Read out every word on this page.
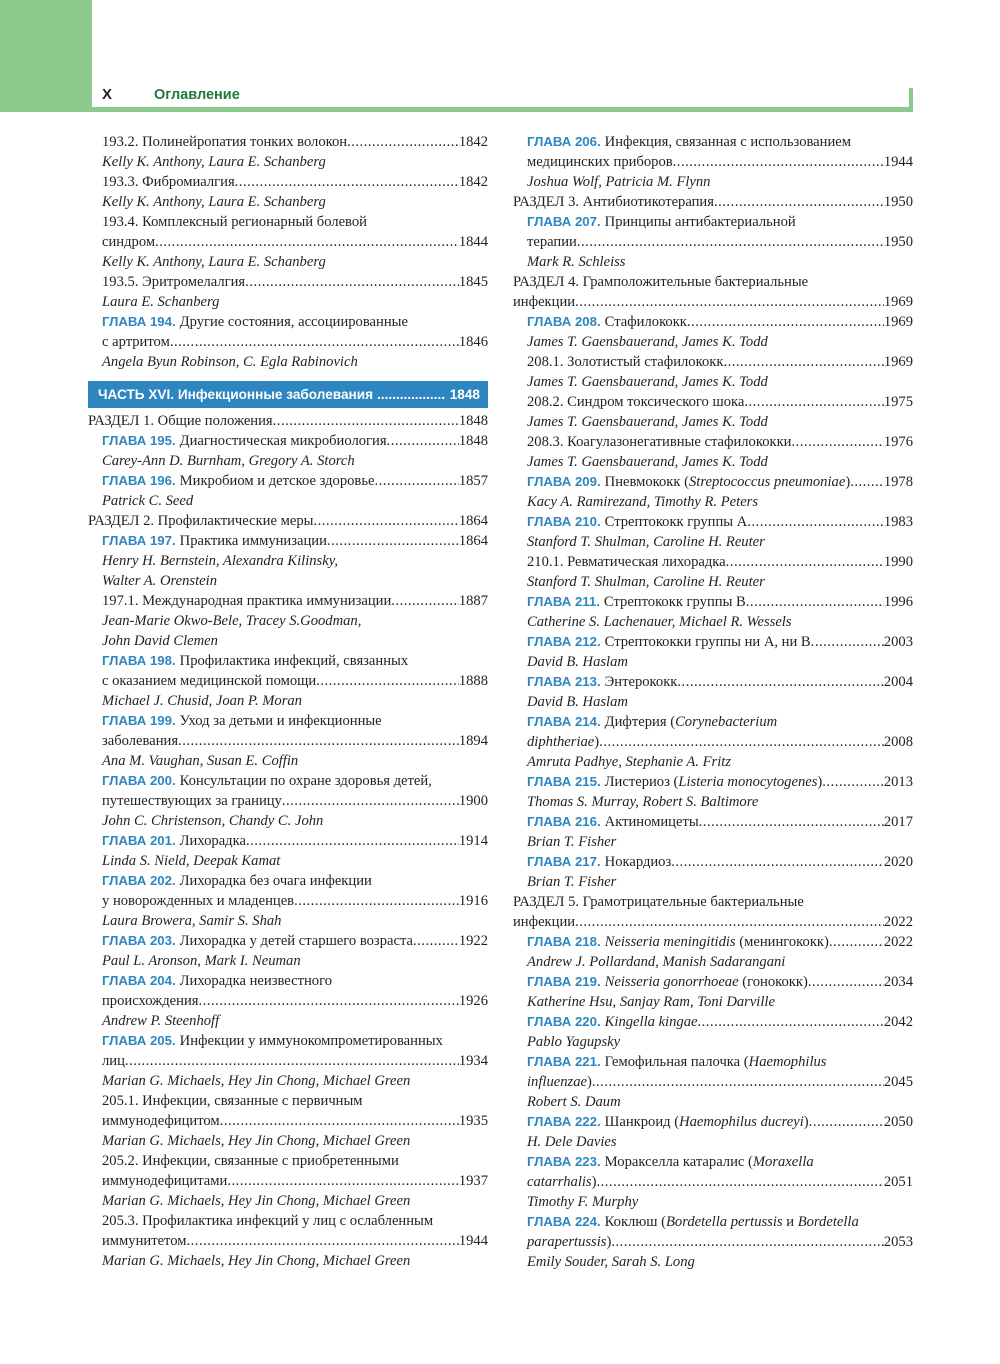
X	Оглавление
193.2. Полинейропатия тонких волокон .....	1842
Kelly K. Anthony, Laura E. Schanberg
193.3. Фибромиалгия .....	1842
Kelly K. Anthony, Laura E. Schanberg
193.4. Комплексный регионарный болевой
синдром .....	1844
Kelly K. Anthony, Laura E. Schanberg
193.5. Эритромелалгия .....	1845
Laura E. Schanberg
ГЛАВА 194. Другие состояния, ассоциированные
с артритом .....	1846
Angela Byun Robinson, C. Egla Rabinovich
ЧАСТЬ XVI. Инфекционные заболевания .....	1848
РАЗДЕЛ 1. Общие положения .....	1848
ГЛАВА 195. Диагностическая микробиология .....	1848
Carey-Ann D. Burnham, Gregory A. Storch
ГЛАВА 196. Микробиом и детское здоровье .....	1857
Patrick C. Seed
РАЗДЕЛ 2. Профилактические меры .....	1864
ГЛАВА 197. Практика иммунизации .....	1864
Henry H. Bernstein, Alexandra Kilinsky,
Walter A. Orenstein
197.1. Международная практика иммунизации .....	1887
Jean-Marie Okwo-Bele, Tracey S.Goodman,
John David Clemen
ГЛАВА 198. Профилактика инфекций, связанных
с оказанием медицинской помощи .....	1888
Michael J. Chusid, Joan P. Moran
ГЛАВА 199. Уход за детьми и инфекционные
заболевания .....	1894
Ana M. Vaughan, Susan E. Coffin
ГЛАВА 200. Консультации по охране здоровья детей,
путешествующих за границу .....	1900
John C. Christenson, Chandy C. John
ГЛАВА 201. Лихорадка .....	1914
Linda S. Nield, Deepak Kamat
ГЛАВА 202. Лихорадка без очага инфекции
у новорожденных и младенцев .....	1916
Laura Browera, Samir S. Shah
ГЛАВА 203. Лихорадка у детей старшего возраста .....	1922
Paul L. Aronson, Mark I. Neuman
ГЛАВА 204. Лихорадка неизвестного
происхождения .....	1926
Andrew P. Steenhoff
ГЛАВА 205. Инфекции у иммунокомпрометированных
лиц .....	1934
Marian G. Michaels, Hey Jin Chong, Michael Green
205.1. Инфекции, связанные с первичным
иммунодефицитом .....	1935
Marian G. Michaels, Hey Jin Chong, Michael Green
205.2. Инфекции, связанные с приобретенными
иммунодефицитами .....	1937
Marian G. Michaels, Hey Jin Chong, Michael Green
205.3. Профилактика инфекций у лиц с ослабленным
иммунитетом .....	1944
Marian G. Michaels, Hey Jin Chong, Michael Green
ГЛАВА 206. Инфекция, связанная с использованием
медицинских приборов .....	1944
Joshua Wolf, Patricia M. Flynn
РАЗДЕЛ 3. Антибиотикотерапия .....	1950
ГЛАВА 207. Принципы антибактериальной
терапии .....	1950
Mark R. Schleiss
РАЗДЕЛ 4. Грамположительные бактериальные
инфекции .....	1969
ГЛАВА 208. Стафилококк .....	1969
James T. Gaensbauerand, James K. Todd
208.1. Золотистый стафилококк .....	1969
James T. Gaensbauerand, James K. Todd
208.2. Синдром токсического шока .....	1975
James T. Gaensbauerand, James K. Todd
208.3. Коагулазонегативные стафилококки .....	1976
James T. Gaensbauerand, James K. Todd
ГЛАВА 209. Пневмококк (Streptococcus pneumoniae) ..... 1978
Kacy A. Ramirezand, Timothy R. Peters
ГЛАВА 210. Стрептококк группы А .....	1983
Stanford T. Shulman, Caroline H. Reuter
210.1. Ревматическая лихорадка .....	1990
Stanford T. Shulman, Caroline H. Reuter
ГЛАВА 211. Стрептококк группы В .....	1996
Catherine S. Lachenauer, Michael R. Wessels
ГЛАВА 212. Стрептококки группы ни А, ни В .....	2003
David B. Haslam
ГЛАВА 213. Энтерококк .....	2004
David B. Haslam
ГЛАВА 214. Дифтерия (Corynebacterium
diphtheriae) .....	2008
Amruta Padhye, Stephanie A. Fritz
ГЛАВА 215. Листериоз (Listeria monocytogenes) .....	2013
Thomas S. Murray, Robert S. Baltimore
ГЛАВА 216. Актиномицеты .....	2017
Brian T. Fisher
ГЛАВА 217. Нокардиоз .....	2020
Brian T. Fisher
РАЗДЕЛ 5. Грамотрицательные бактериальные
инфекции .....	2022
ГЛАВА 218. Neisseria meningitidis (менингококк) .....	2022
Andrew J. Pollardand, Manish Sadarangani
ГЛАВА 219. Neisseria gonorrhoeae (гонококк) .....	2034
Katherine Hsu, Sanjay Ram, Toni Darville
ГЛАВА 220. Kingella kingae .....	2042
Pablo Yagupsky
ГЛАВА 221. Гемофильная палочка (Haemophilus
influenzae) .....	2045
Robert S. Daum
ГЛАВА 222. Шанкроид (Haemophilus ducreyi) .....	2050
H. Dele Davies
ГЛАВА 223. Моракселла катаралис (Moraxella
catarrhalis) .....	2051
Timothy F. Murphy
ГЛАВА 224. Коклюш (Bordetella pertussis и Bordetella
parapertussis) .....	2053
Emily Souder, Sarah S. Long
